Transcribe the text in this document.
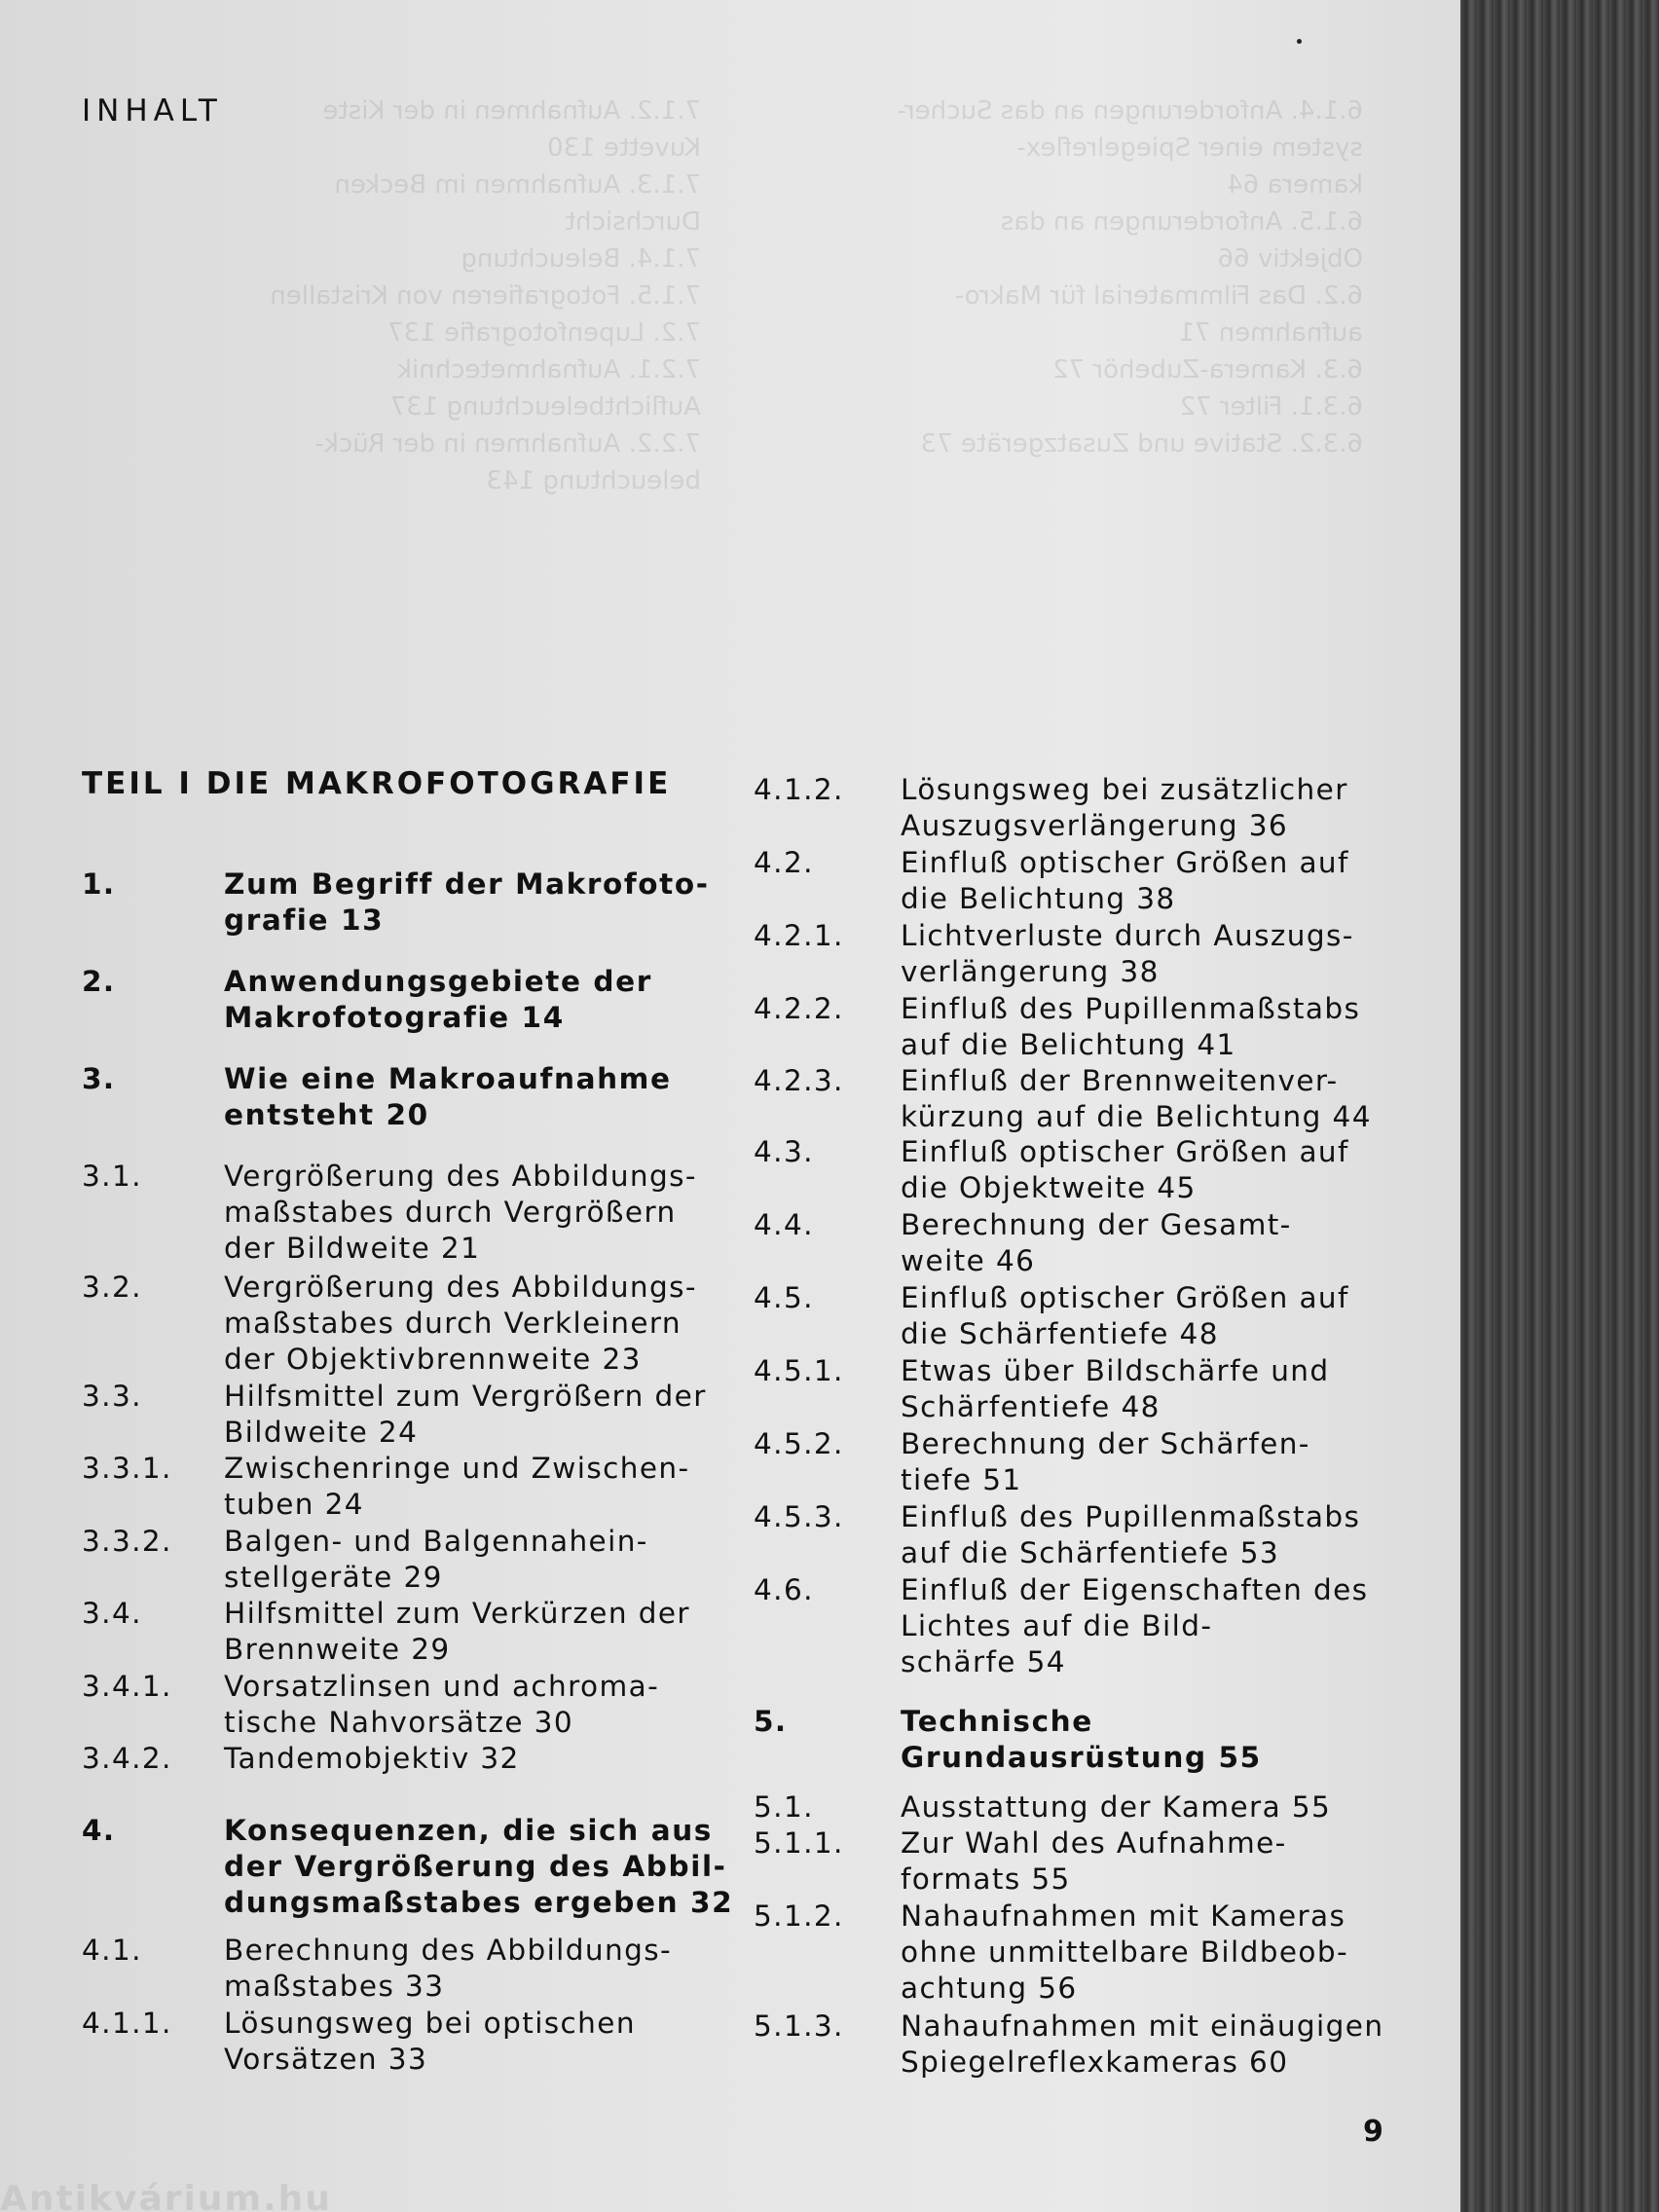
7.1.2. Aufnahmen in der Kiste
Kuvette 130
7.1.3. Aufnahmen im Becken
Durchsicht
7.1.4. Beleuchtung
7.1.5. Fotografieren von Kristallen
7.2. Lupenfotografie 137
7.2.1. Aufnahmetechnik
Auflichtbeleuchtung 137
7.2.2. Aufnahmen in der Rück-
beleuchtung 143
6.1.4. Anforderungen an das Sucher-
system einer Spiegelreflex-
kamera 64
6.1.5. Anforderungen an das
Objektiv 66
6.2. Das Filmmaterial für Makro-
aufnahmen 71
6.3. Kamera-Zubehör 72
6.3.1. Filter 72
6.3.2. Stative und Zusatzgeräte 73
INHALT
TEIL I DIE MAKROFOTOGRAFIE
1.	Zum Begriff der Makrofoto-
grafie 13
2.	Anwendungsgebiete der
Makrofotografie 14
3.	Wie eine Makroaufnahme
entsteht 20
3.1.	Vergrößerung des Abbildungs-
maßstabes durch Vergrößern
der Bildweite 21
3.2.	Vergrößerung des Abbildungs-
maßstabes durch Verkleinern
der Objektivbrennweite 23
3.3.	Hilfsmittel zum Vergrößern der
Bildweite 24
3.3.1. Zwischenringe und Zwischen-
tuben 24
3.3.2. Balgen- und Balgennahein-
stellgeräte 29
3.4.	Hilfsmittel zum Verkürzen der
Brennweite 29
3.4.1. Vorsatzlinsen und achroma-
tische Nahvorsätze 30
3.4.2. Tandemobjektiv 32
4.	Konsequenzen, die sich aus
der Vergrößerung des Abbil-
dungsmaßstabes ergeben 32
4.1.	Berechnung des Abbildungs-
maßstabes 33
4.1.1. Lösungsweg bei optischen
Vorsätzen 33
4.1.2. Lösungsweg bei zusätzlicher
Auszugsverlängerung 36
4.2.	Einfluß optischer Größen auf
die Belichtung 38
4.2.1. Lichtverluste durch Auszugs-
verlängerung 38
4.2.2. Einfluß des Pupillenmaßstabs
auf die Belichtung 41
4.2.3. Einfluß der Brennweitenver-
kürzung auf die Belichtung 44
4.3.	Einfluß optischer Größen auf
die Objektweite 45
4.4.	Berechnung der Gesamt-
weite 46
4.5.	Einfluß optischer Größen auf
die Schärfentiefe 48
4.5.1. Etwas über Bildschärfe und
Schärfentiefe 48
4.5.2. Berechnung der Schärfen-
tiefe 51
4.5.3. Einfluß des Pupillenmaßstabs
auf die Schärfentiefe 53
4.6.	Einfluß der Eigenschaften des
Lichtes auf die Bild-
schärfe 54
5.	Technische
Grundausrüstung 55
5.1.	Ausstattung der Kamera 55
5.1.1. Zur Wahl des Aufnahme-
formats 55
5.1.2. Nahaufnahmen mit Kameras
ohne unmittelbare Bildbeob-
achtung 56
5.1.3. Nahaufnahmen mit einäugigen
Spiegelreflexkameras 60
9
Antikvárium.hu
